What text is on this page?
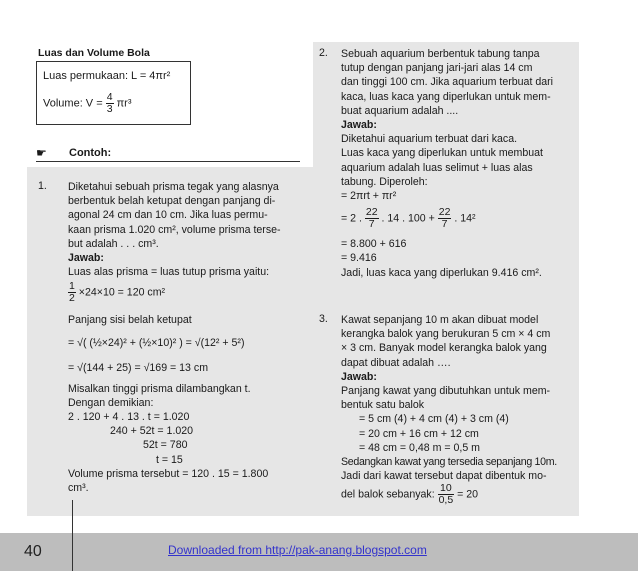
Luas dan Volume Bola
Luas permukaan: L = 4πr²
Volume: $V = \frac{4}{3} \pi r^3$
☛ Contoh:
1. Diketahui sebuah prisma tegak yang alasnya
berbentuk belah ketupat dengan panjang di-
agonal 24 cm dan 10 cm. Jika luas permu-
kaan prisma 1.020 cm², volume prisma terse-
but adalah . . . cm³.
Jawab:
Luas alas prisma = luas tutup prisma yaitu:
$\frac{1}{2} \times 24\times 10 = 120$ cm²
Panjang sisi belah ketupat
= √( (½×24)² + (½×10)² ) = √(12² + 5²)
= √(144 + 25) = √169 = 13 cm
Misalkan tinggi prisma dilambangkan t.
Dengan demikian:
2 . 120 + 4 . 13 . t = 1.020
240 + 52t = 1.020
52t = 780
t = 15
Volume prisma tersebut = 120 . 15 = 1.800
cm³.
2. Sebuah aquarium berbentuk tabung tanpa
tutup dengan panjang jari-jari alas 14 cm
dan tinggi 100 cm. Jika aquarium terbuat dari
kaca, luas kaca yang diperlukan untuk mem-
buat aquarium adalah ....
Jawab:
Diketahui aquarium terbuat dari kaca.
Luas kaca yang diperlukan untuk membuat
aquarium adalah luas selimut + luas alas
tabung. Diperoleh:
= 2πrt + πr²
= 2 . $\frac{22}{7}$ . 14 . $100 + \frac{22}{7}$ . 14²
= 8.800 + 616
= 9.416
Jadi, luas kaca yang diperlukan 9.416 cm².
3. Kawat sepanjang 10 m akan dibuat model
kerangka balok yang berukuran 5 cm × 4 cm
× 3 cm. Banyak model kerangka balok yang
dapat dibuat adalah ….
Jawab:
Panjang kawat yang dibutuhkan untuk mem-
bentuk satu balok
= 5 cm (4) + 4 cm (4) + 3 cm (4)
= 20 cm + 16 cm + 12 cm
= 48 cm = 0,48 m = 0,5 m
Sedangkan kawat yang tersedia sepanjang 10m.
Jadi dari kawat tersebut dapat dibentuk mo-
del balok sebanyak: $\frac{10}{0,5} = 20$
40	Downloaded from http://pak-anang.blogspot.com
